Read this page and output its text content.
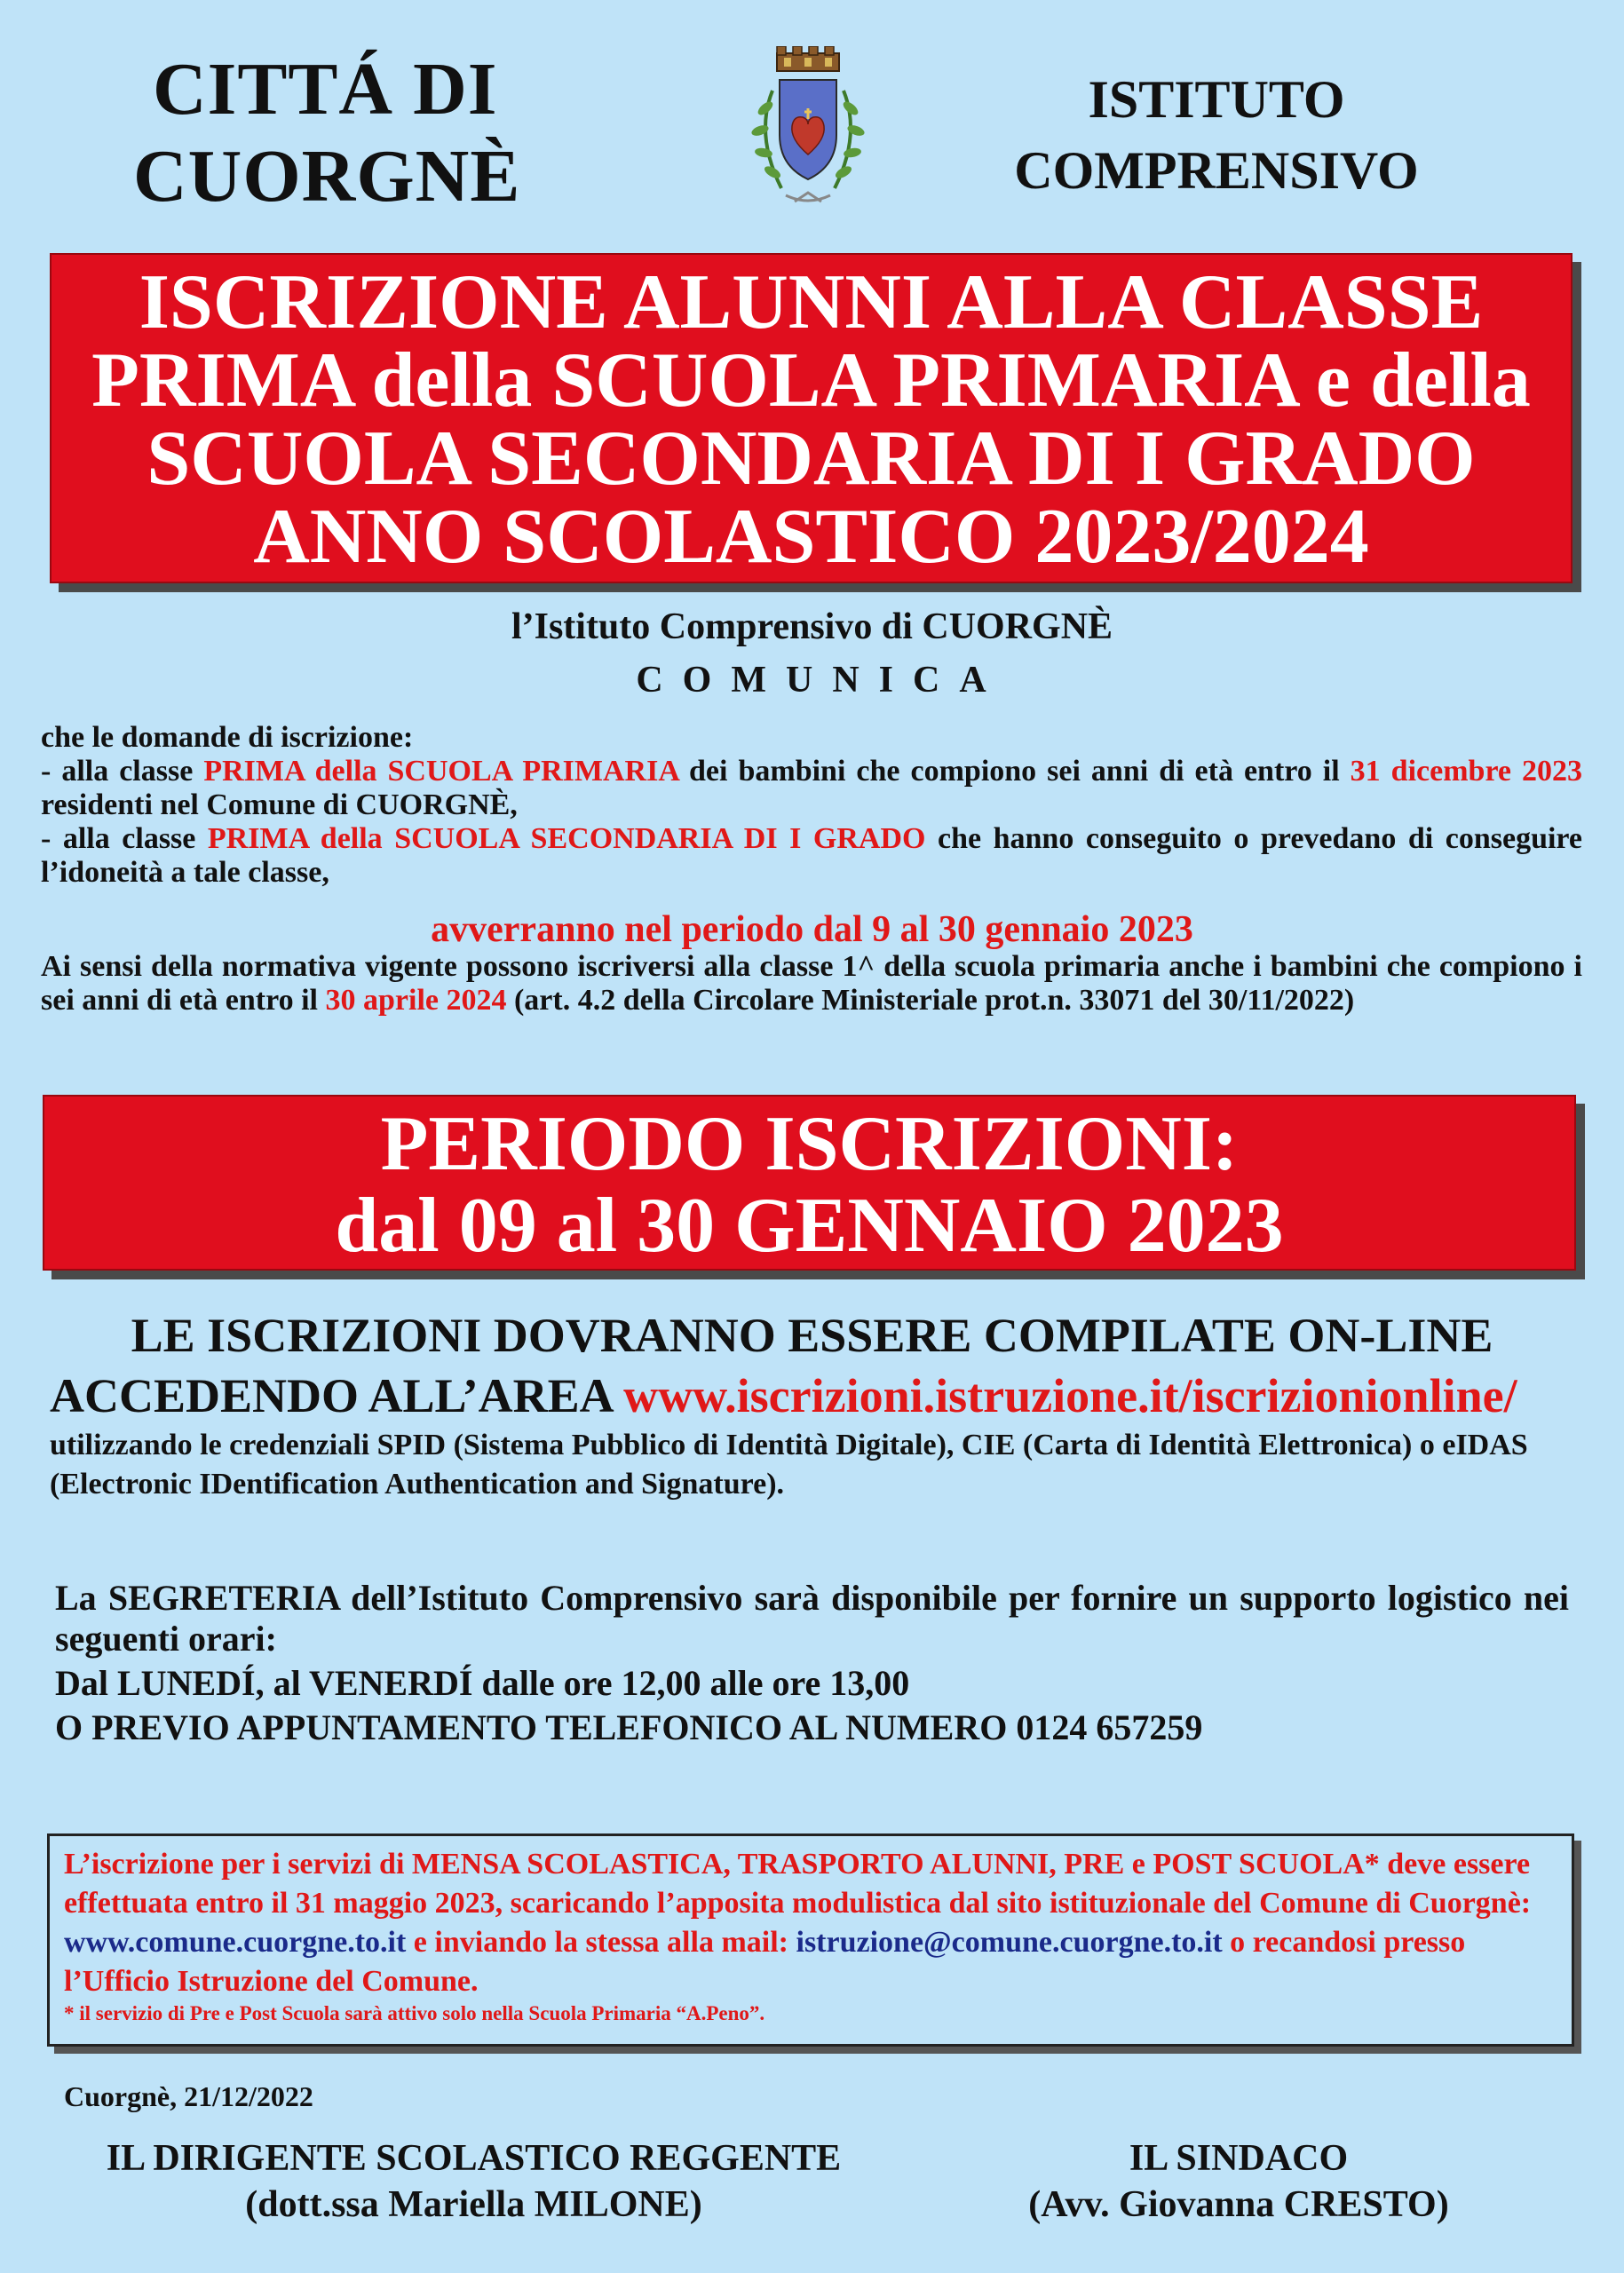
CITTÁ DI
CUORGNÈ
ISTITUTO
COMPRENSIVO
ISCRIZIONE ALUNNI ALLA CLASSE
PRIMA della SCUOLA PRIMARIA e della
SCUOLA SECONDARIA DI I GRADO
ANNO SCOLASTICO 2023/2024
l’Istituto Comprensivo di CUORGNÈ
COMUNICA
che le domande di iscrizione:
- alla classe PRIMA della SCUOLA PRIMARIA dei bambini che compiono sei anni di età entro il 31 dicembre 2023 residenti nel Comune di CUORGNÈ,
- alla classe PRIMA della SCUOLA SECONDARIA DI I GRADO che hanno conseguito o prevedano di conseguire l’idoneità a tale classe,
avverranno nel periodo dal 9 al 30 gennaio 2023
Ai sensi della normativa vigente possono iscriversi alla classe 1^ della scuola primaria anche i bambini che compiono i sei anni di età entro il 30 aprile 2024 (art. 4.2 della Circolare Ministeriale prot.n. 33071 del 30/11/2022)
PERIODO ISCRIZIONI:
dal 09 al 30 GENNAIO 2023
LE ISCRIZIONI DOVRANNO ESSERE COMPILATE ON-LINE
ACCEDENDO ALL’AREA www.iscrizioni.istruzione.it/iscrizionionline/
utilizzando le credenziali SPID (Sistema Pubblico di Identità Digitale), CIE (Carta di Identità Elettronica) o eIDAS (Electronic IDentification Authentication and Signature).
La SEGRETERIA dell’Istituto Comprensivo sarà disponibile per fornire un supporto logistico nei seguenti orari:
Dal LUNEDÍ, al VENERDÍ dalle ore 12,00 alle ore 13,00
O PREVIO APPUNTAMENTO TELEFONICO AL NUMERO 0124 657259
L’iscrizione per i servizi di MENSA SCOLASTICA, TRASPORTO ALUNNI, PRE e POST SCUOLA* deve essere effettuata entro il 31 maggio 2023, scaricando l’apposita modulistica dal sito istituzionale del Comune di Cuorgnè: www.comune.cuorgne.to.it e inviando la stessa alla mail: istruzione@comune.cuorgne.to.it o recandosi presso l’Ufficio Istruzione del Comune.
* il servizio di Pre e Post Scuola sarà attivo solo nella Scuola Primaria “A.Peno”.
Cuorgnè, 21/12/2022
IL DIRIGENTE SCOLASTICO REGGENTE
(dott.ssa Mariella MILONE)
IL SINDACO
(Avv. Giovanna CRESTO)
